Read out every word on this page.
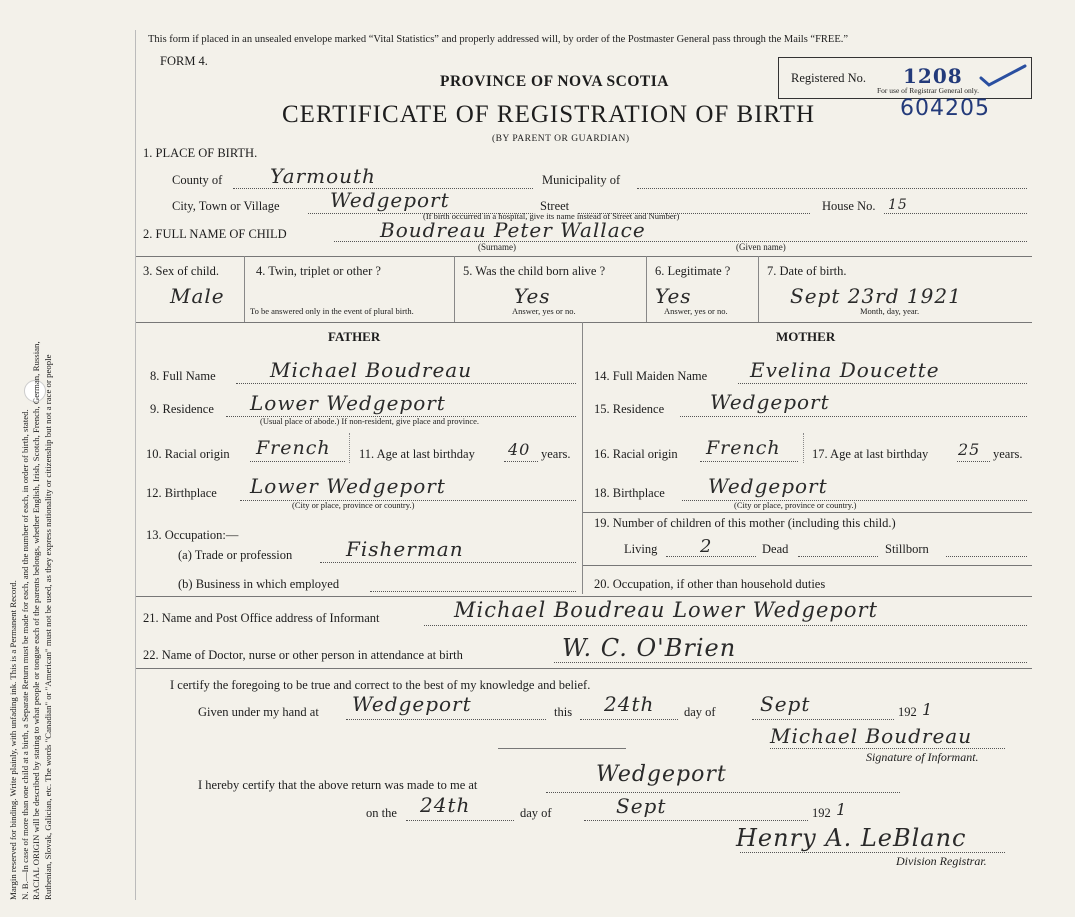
Margin reserved for binding. Write plainly, with unfading ink. This is a Permanent Record. N. B.—In case of more than one child at a birth, a Separate Return must be made for each, and the number of each, in order of birth, stated. RACIAL ORIGIN will be described by stating to what people or tongue each of the parents belongs, whether English, Irish, Scotch, French, German, Russian, Ruthenian, Slovak, Galician, etc. The words "Canadian" or "American" must not be used, as they express nationality or citizenship but not a race or people
This form if placed in an unsealed envelope marked “Vital Statistics” and properly addressed will, by order of the Postmaster General pass through the Mails “FREE.”
FORM 4.
PROVINCE OF NOVA SCOTIA
CERTIFICATE OF REGISTRATION OF BIRTH
(BY PARENT OR GUARDIAN)
Registered No. 1208
For use of Registrar General only.
604205
1. PLACE OF BIRTH.
County of Yarmouth	Municipality of
City, Town or Village	Wedgeport	Street
(If birth occurred in a hospital, give its name instead of Street and Number)
House No. 15
2. FULL NAME OF CHILD	Boudreau Peter Wallace
(Surname)	(Given name)
3. Sex of child.
Male
4. Twin, triplet or other ?
To be answered only in the event of plural birth.
5. Was the child born alive ?
Yes
Answer, yes or no.
6. Legitimate ?
Yes
Answer, yes or no.
7. Date of birth.
Sept 23rd 1921
Month, day, year.
FATHER
8. Full Name	Michael Boudreau
9. Residence Lower Wedgeport
(Usual place of abode.) If non-resident, give place and province.
10. Racial origin French 11. Age at last birthday 40 years.
12. Birthplace Lower Wedgeport
(City or place, province or country.)
13. Occupation:—
(a) Trade or profession	Fisherman
(b) Business in which employed
MOTHER
14. Full Maiden Name Evelina Doucette
15. Residence Wedgeport
16. Racial origin French	17. Age at last birthday 25 years.
18. Birthplace Wedgeport
(City or place, province or country.)
19. Number of children of this mother (including this child.)
Living 2	Dead	Stillborn
20. Occupation, if other than household duties
21. Name and Post Office address of Informant	Michael Boudreau Lower Wedgeport
22. Name of Doctor, nurse or other person in attendance at birth	W. C. O'Brien
I certify the foregoing to be true and correct to the best of my knowledge and belief.
Given under my hand at Wedgeport	this 24th day of Sept	192 1
Michael Boudreau
Signature of Informant.
I hereby certify that the above return was made to me at	Wedgeport
on the 24th	day of	Sept	192 1
Henry A. LeBlanc
Division Registrar.
